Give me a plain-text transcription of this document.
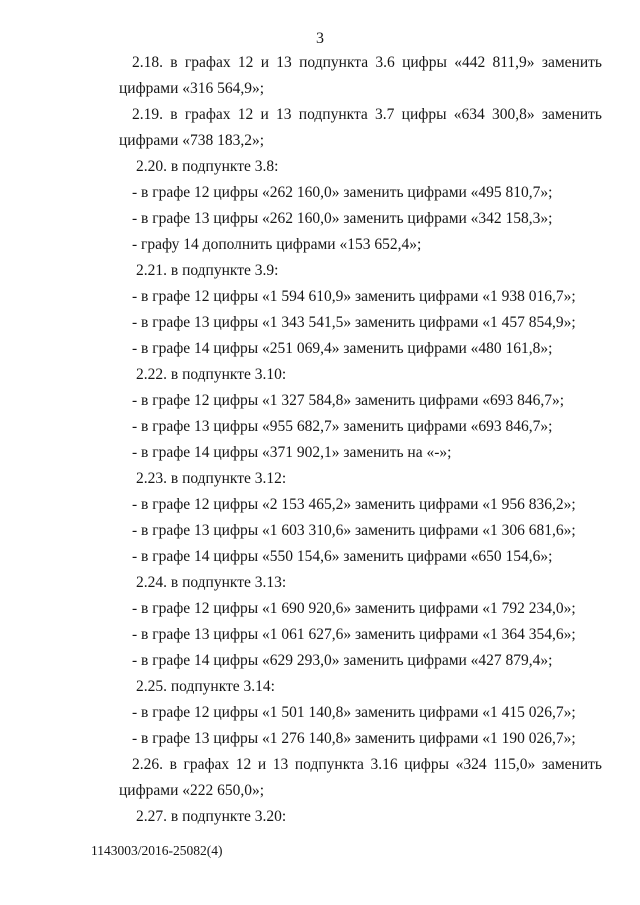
3
2.18. в графах 12 и 13 подпункта 3.6 цифры «442 811,9» заменить
цифрами «316 564,9»;
2.19. в графах 12 и 13 подпункта 3.7 цифры «634 300,8» заменить
цифрами «738 183,2»;
2.20. в подпункте 3.8:
- в графе 12 цифры «262 160,0» заменить цифрами «495 810,7»;
- в графе 13 цифры «262 160,0» заменить цифрами «342 158,3»;
- графу 14 дополнить цифрами «153 652,4»;
2.21. в подпункте 3.9:
- в графе 12 цифры «1 594 610,9» заменить цифрами «1 938 016,7»;
- в графе 13 цифры «1 343 541,5» заменить цифрами «1 457 854,9»;
- в графе 14 цифры «251 069,4» заменить цифрами «480 161,8»;
2.22. в подпункте 3.10:
- в графе 12 цифры «1 327 584,8» заменить цифрами «693 846,7»;
- в графе 13 цифры «955 682,7» заменить цифрами «693 846,7»;
- в графе 14 цифры «371 902,1» заменить на «-»;
2.23. в подпункте 3.12:
- в графе 12 цифры «2 153 465,2» заменить цифрами «1 956 836,2»;
- в графе 13 цифры «1 603 310,6» заменить цифрами «1 306 681,6»;
- в графе 14 цифры «550 154,6» заменить цифрами «650 154,6»;
2.24. в подпункте 3.13:
- в графе 12 цифры «1 690 920,6» заменить цифрами «1 792 234,0»;
- в графе 13 цифры «1 061 627,6» заменить цифрами «1 364 354,6»;
- в графе 14 цифры «629 293,0» заменить цифрами «427 879,4»;
2.25. подпункте 3.14:
- в графе 12 цифры «1 501 140,8» заменить цифрами «1 415 026,7»;
- в графе 13 цифры «1 276 140,8» заменить цифрами «1 190 026,7»;
2.26. в графах 12 и 13 подпункта 3.16 цифры «324 115,0» заменить
цифрами «222 650,0»;
2.27. в подпункте 3.20:
1143003/2016-25082(4)
